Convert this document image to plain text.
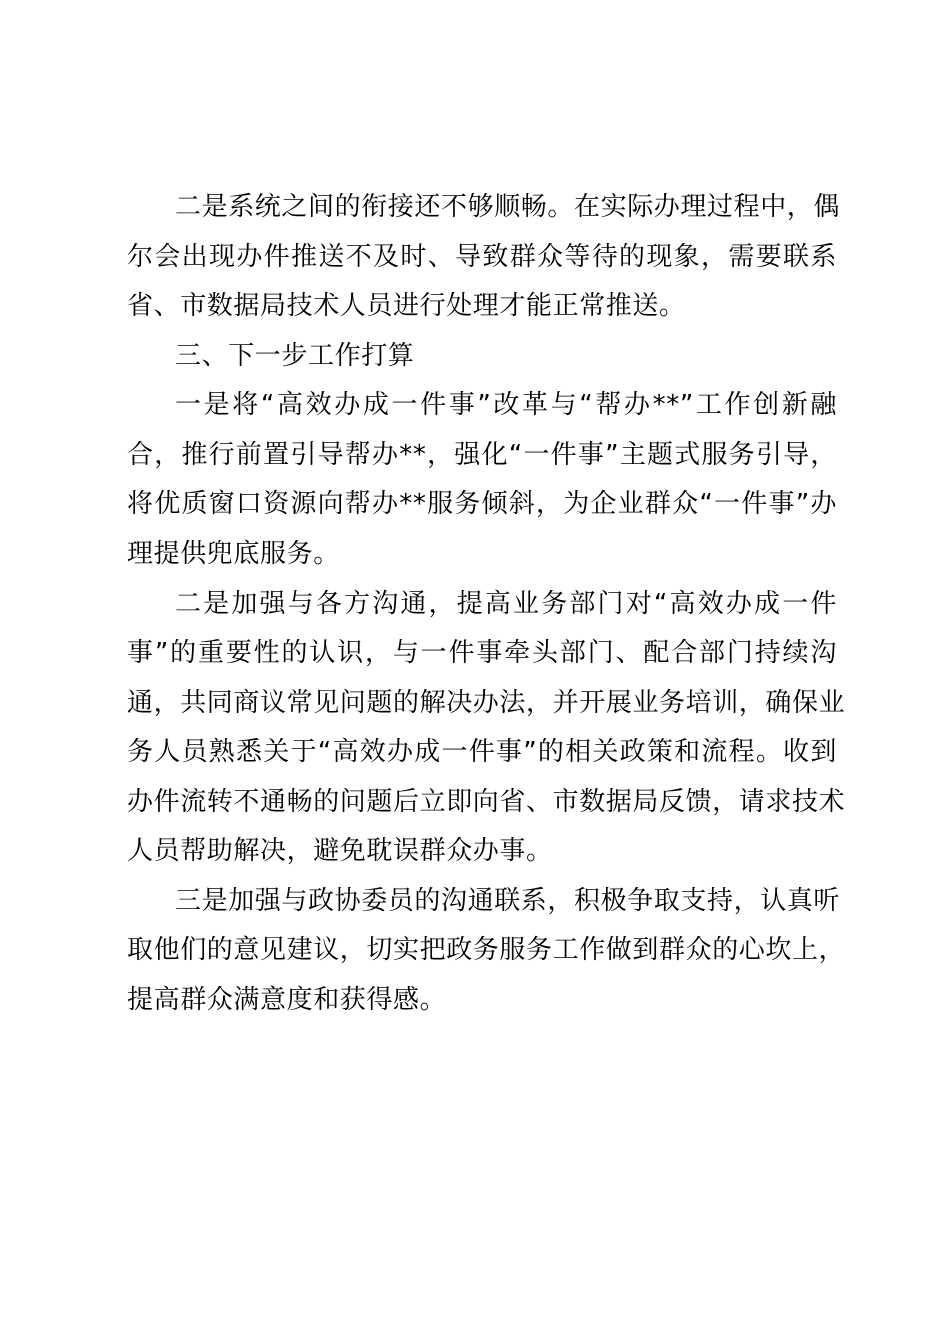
二是系统之间的衔接还不够顺畅。在实际办理过程中，偶
尔会出现办件推送不及时、导致群众等待的现象，需要联系
省、市数据局技术人员进行处理才能正常推送。
三、下一步工作打算
一是将“高效办成一件事”改革与“帮办**”工作创新融
合，推行前置引导帮办**，强化“一件事”主题式服务引导，
将优质窗口资源向帮办**服务倾斜，为企业群众“一件事”办
理提供兜底服务。
二是加强与各方沟通，提高业务部门对“高效办成一件
事”的重要性的认识，与一件事牵头部门、配合部门持续沟
通，共同商议常见问题的解决办法，并开展业务培训，确保业
务人员熟悉关于“高效办成一件事”的相关政策和流程。收到
办件流转不通畅的问题后立即向省、市数据局反馈，请求技术
人员帮助解决，避免耽误群众办事。
三是加强与政协委员的沟通联系，积极争取支持，认真听
取他们的意见建议，切实把政务服务工作做到群众的心坎上，
提高群众满意度和获得感。
